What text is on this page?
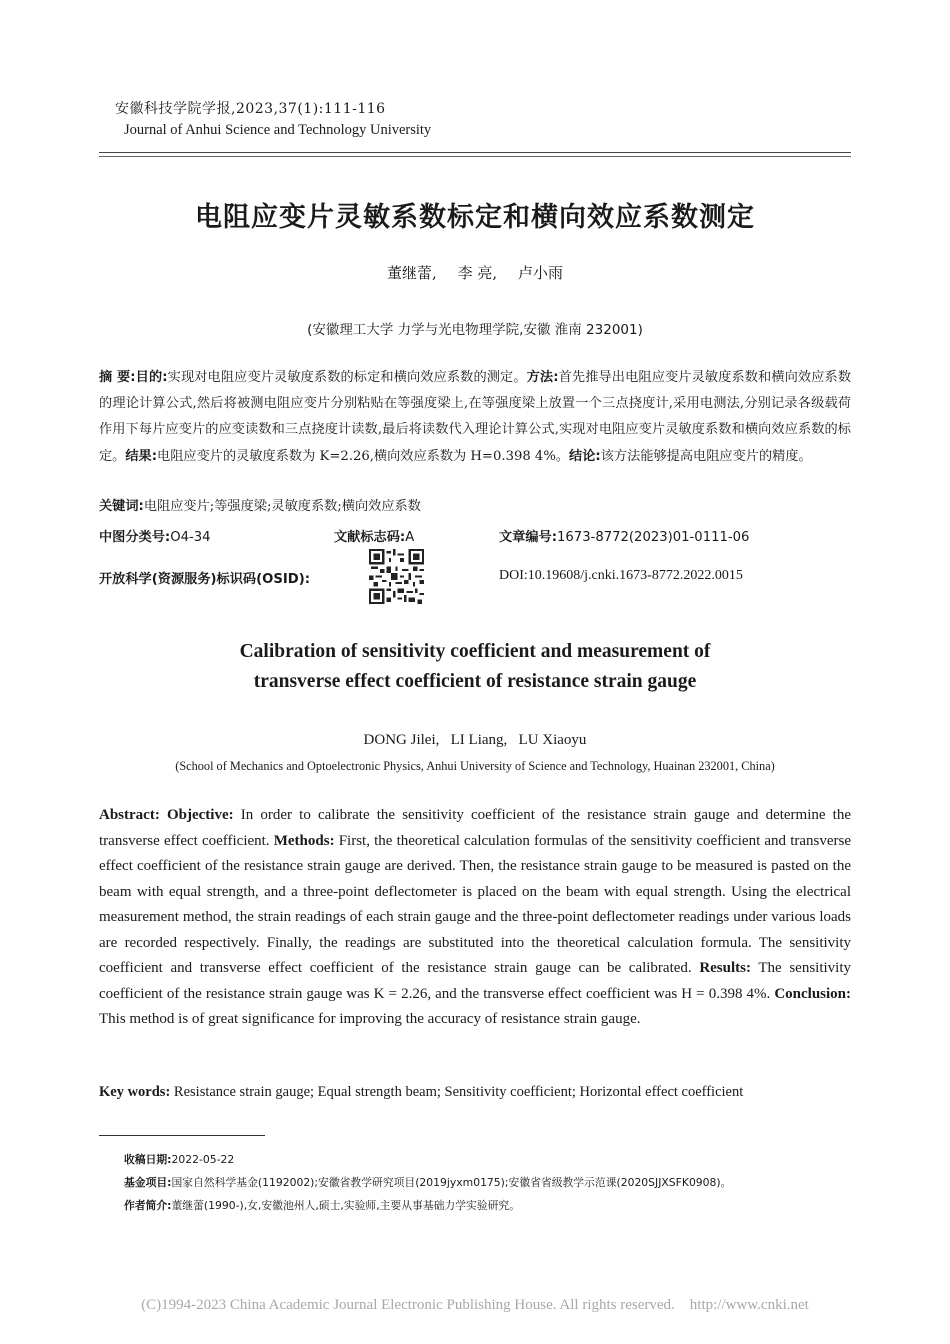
安徽科技学院学报,2023,37(1):111-116
Journal of Anhui Science and Technology University
电阻应变片灵敏系数标定和横向效应系数测定
董继蕾, 李 亮, 卢小雨
(安徽理工大学 力学与光电物理学院,安徽 淮南 232001)
摘 要:目的:实现对电阻应变片灵敏度系数的标定和横向效应系数的测定。方法:首先推导出电阻应变片灵敏度系数和横向效应系数的理论计算公式,然后将被测电阻应变片分别粘贴在等强度梁上,在等强度梁上放置一个三点挠度计,采用电测法,分别记录各级载荷作用下每片应变片的应变读数和三点挠度计读数,最后将读数代入理论计算公式,实现对电阻应变片灵敏度系数和横向效应系数的标定。结果:电阻应变片的灵敏度系数为 K=2.26,横向效应系数为 H=0.398 4%。结论:该方法能够提高电阻应变片的精度。
关键词:电阻应变片;等强度梁;灵敏度系数;横向效应系数
中图分类号:O4-34	文献标志码:A	文章编号:1673-8772(2023)01-0111-06
开放科学(资源服务)标识码(OSID):	DOI:10.19608/j.cnki.1673-8772.2022.0015
Calibration of sensitivity coefficient and measurement of
transverse effect coefficient of resistance strain gauge
DONG Jilei, LI Liang, LU Xiaoyu
(School of Mechanics and Optoelectronic Physics, Anhui University of Science and Technology, Huainan 232001, China)
Abstract: Objective: In order to calibrate the sensitivity coefficient of the resistance strain gauge and determine the transverse effect coefficient. Methods: First, the theoretical calculation formulas of the sensitivity coefficient and transverse effect coefficient of the resistance strain gauge are derived. Then, the resistance strain gauge to be measured is pasted on the beam with equal strength, and a three-point deflectometer is placed on the beam with equal strength. Using the electrical measurement method, the strain readings of each strain gauge and the three-point deflectometer readings under various loads are recorded respectively. Finally, the readings are substituted into the theoretical calculation formula. The sensitivity coefficient and transverse effect coefficient of the resistance strain gauge can be calibrated. Results: The sensitivity coefficient of the resistance strain gauge was K = 2.26, and the transverse effect coefficient was H = 0.398 4%. Conclusion: This method is of great significance for improving the accuracy of resistance strain gauge.
Key words: Resistance strain gauge; Equal strength beam; Sensitivity coefficient; Horizontal effect coefficient
收稿日期:2022-05-22
基金项目:国家自然科学基金(1192002);安徽省教学研究项目(2019jyxm0175);安徽省省级教学示范课(2020SJJXSFK0908)。
作者简介:董继蕾(1990-),女,安徽池州人,硕士,实验师,主要从事基础力学实验研究。
(C)1994-2023 China Academic Journal Electronic Publishing House. All rights reserved.    http://www.cnki.net
